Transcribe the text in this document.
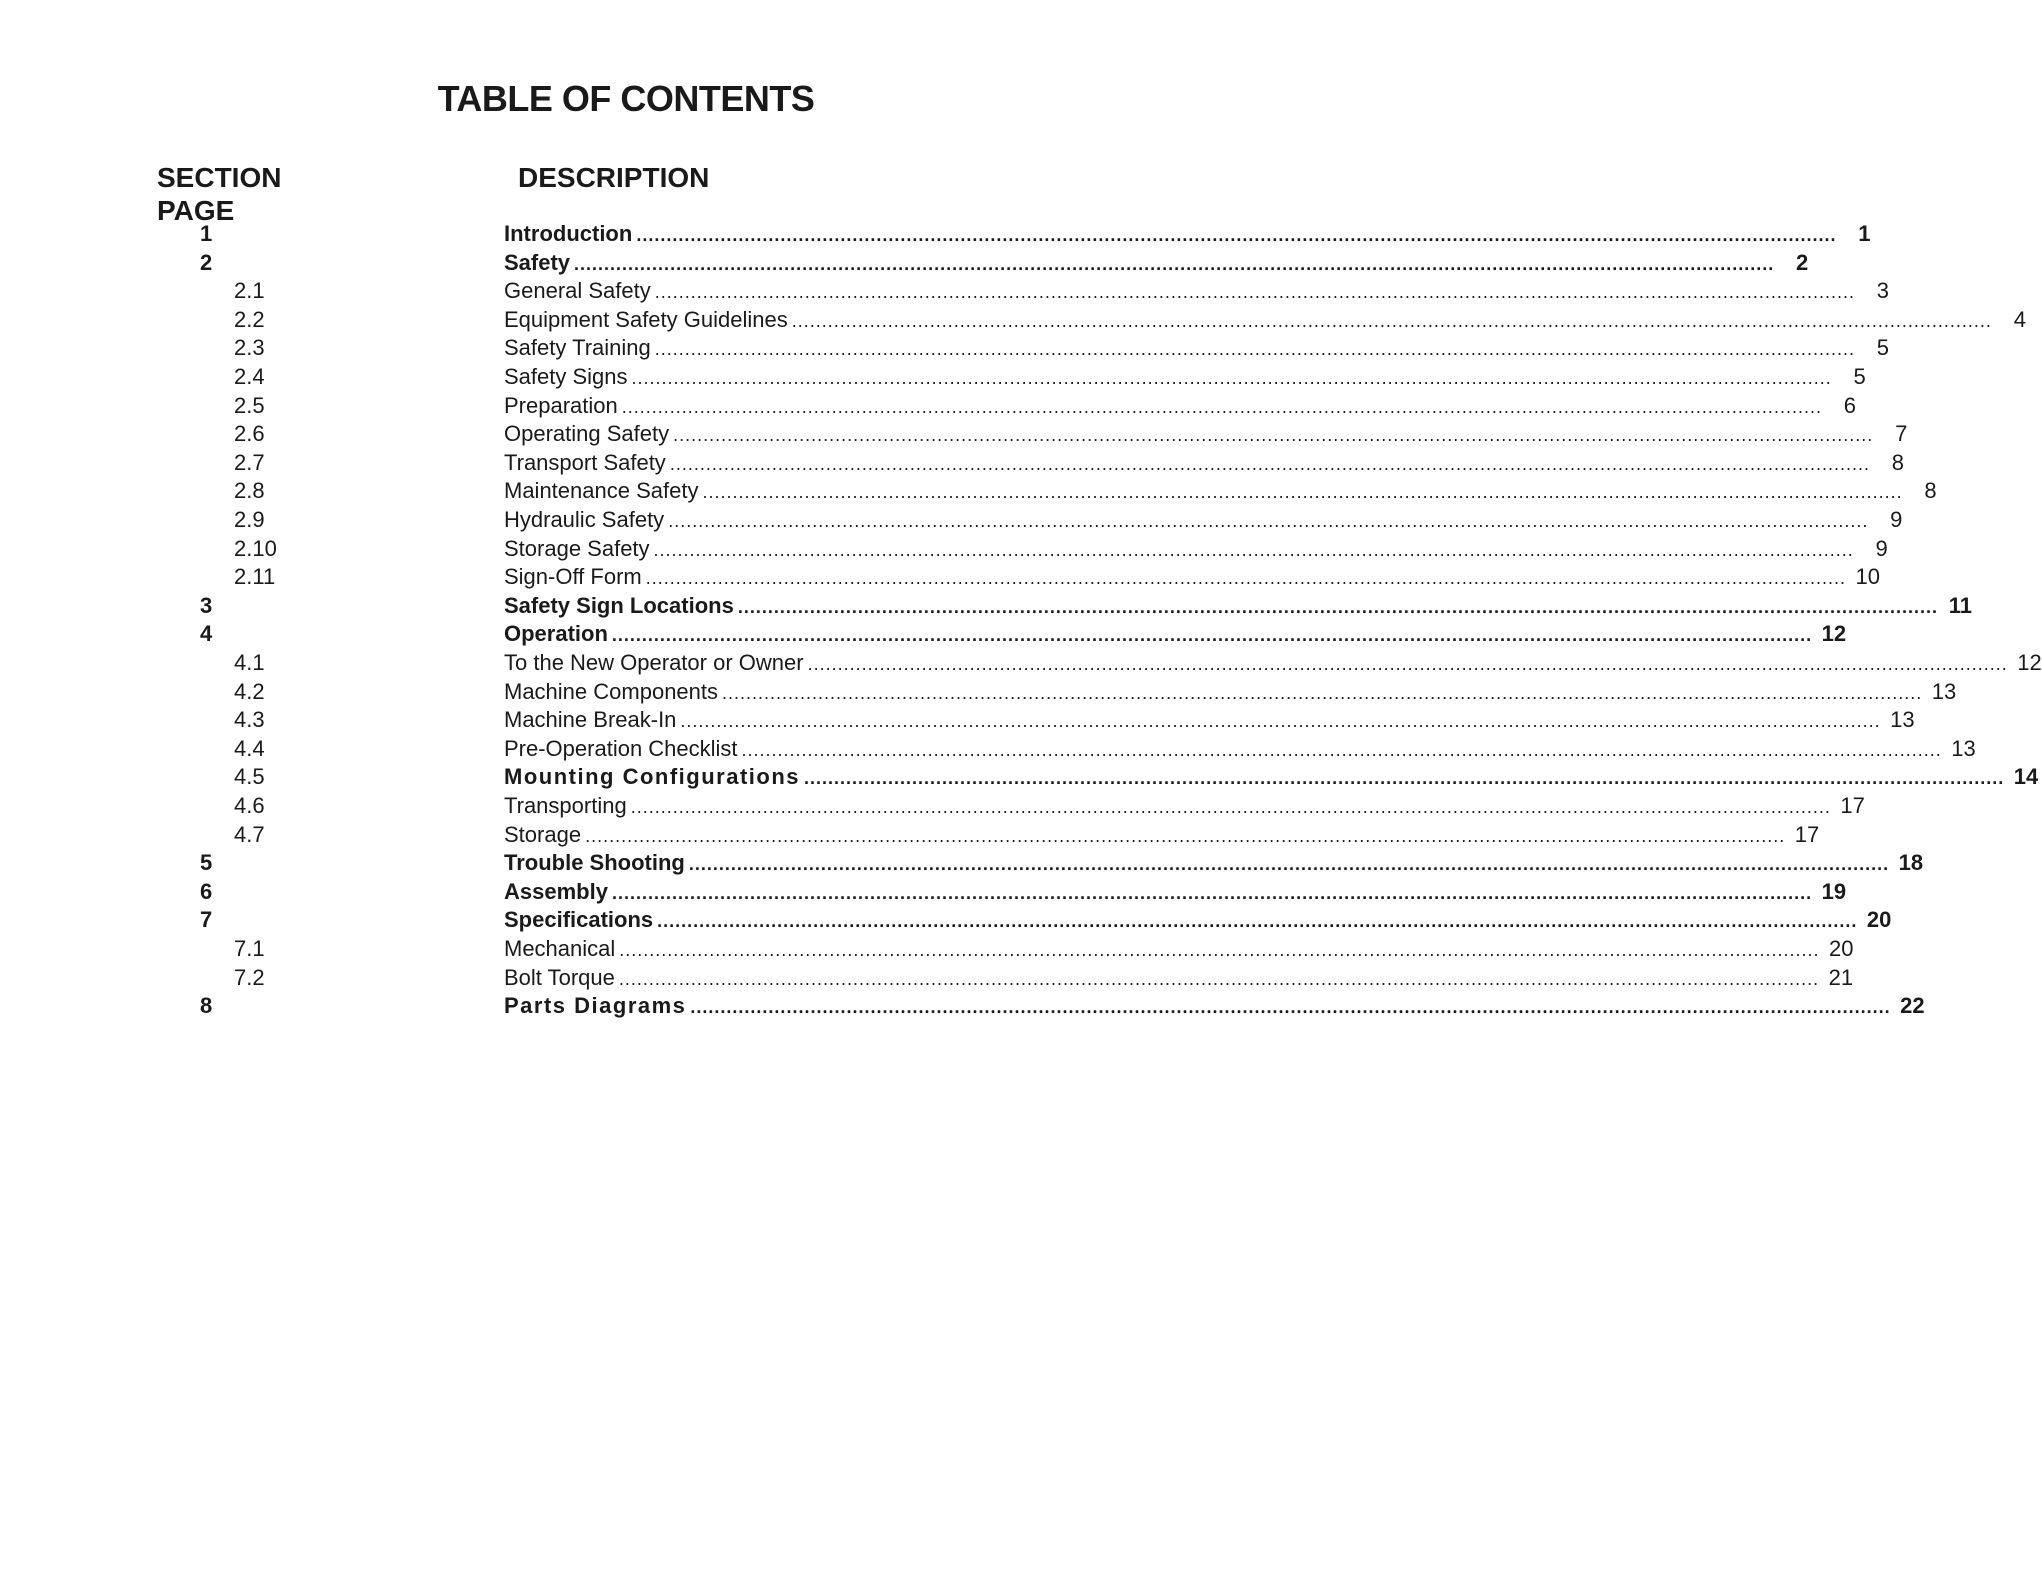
TABLE OF CONTENTS
SECTION
PAGE
DESCRIPTION
1	Introduction ........................................................................................................................................................................................................ 1
2	Safety ........................................................................................................................................................................................................ 2
2.1	General Safety ........................................................................................................................................................................................................ 3
2.2	Equipment Safety Guidelines ........................................................................................................................................................................................................ 4
2.3	Safety Training ........................................................................................................................................................................................................ 5
2.4	Safety Signs ........................................................................................................................................................................................................ 5
2.5	Preparation ........................................................................................................................................................................................................ 6
2.6	Operating Safety ........................................................................................................................................................................................................ 7
2.7	Transport Safety ........................................................................................................................................................................................................ 8
2.8	Maintenance Safety ........................................................................................................................................................................................................ 8
2.9	Hydraulic Safety ........................................................................................................................................................................................................ 9
2.10	Storage Safety ........................................................................................................................................................................................................ 9
2.11	Sign-Off Form ........................................................................................................................................................................................................ 10
3	Safety Sign Locations ........................................................................................................................................................................................................ 11
4	Operation ........................................................................................................................................................................................................ 12
4.1	To the New Operator or Owner ........................................................................................................................................................................................................ 12
4.2	Machine Components ........................................................................................................................................................................................................ 13
4.3	Machine Break-In ........................................................................................................................................................................................................ 13
4.4	Pre-Operation Checklist ........................................................................................................................................................................................................ 13
4.5	Mounting Configurations ........................................................................................................................................................................................................ 14
4.6	Transporting ........................................................................................................................................................................................................ 17
4.7	Storage ........................................................................................................................................................................................................ 17
5	Trouble Shooting ........................................................................................................................................................................................................ 18
6	Assembly ........................................................................................................................................................................................................ 19
7	Specifications ........................................................................................................................................................................................................ 20
7.1	Mechanical ........................................................................................................................................................................................................ 20
7.2	Bolt Torque ........................................................................................................................................................................................................ 21
8	Parts Diagrams ........................................................................................................................................................................................................ 22
